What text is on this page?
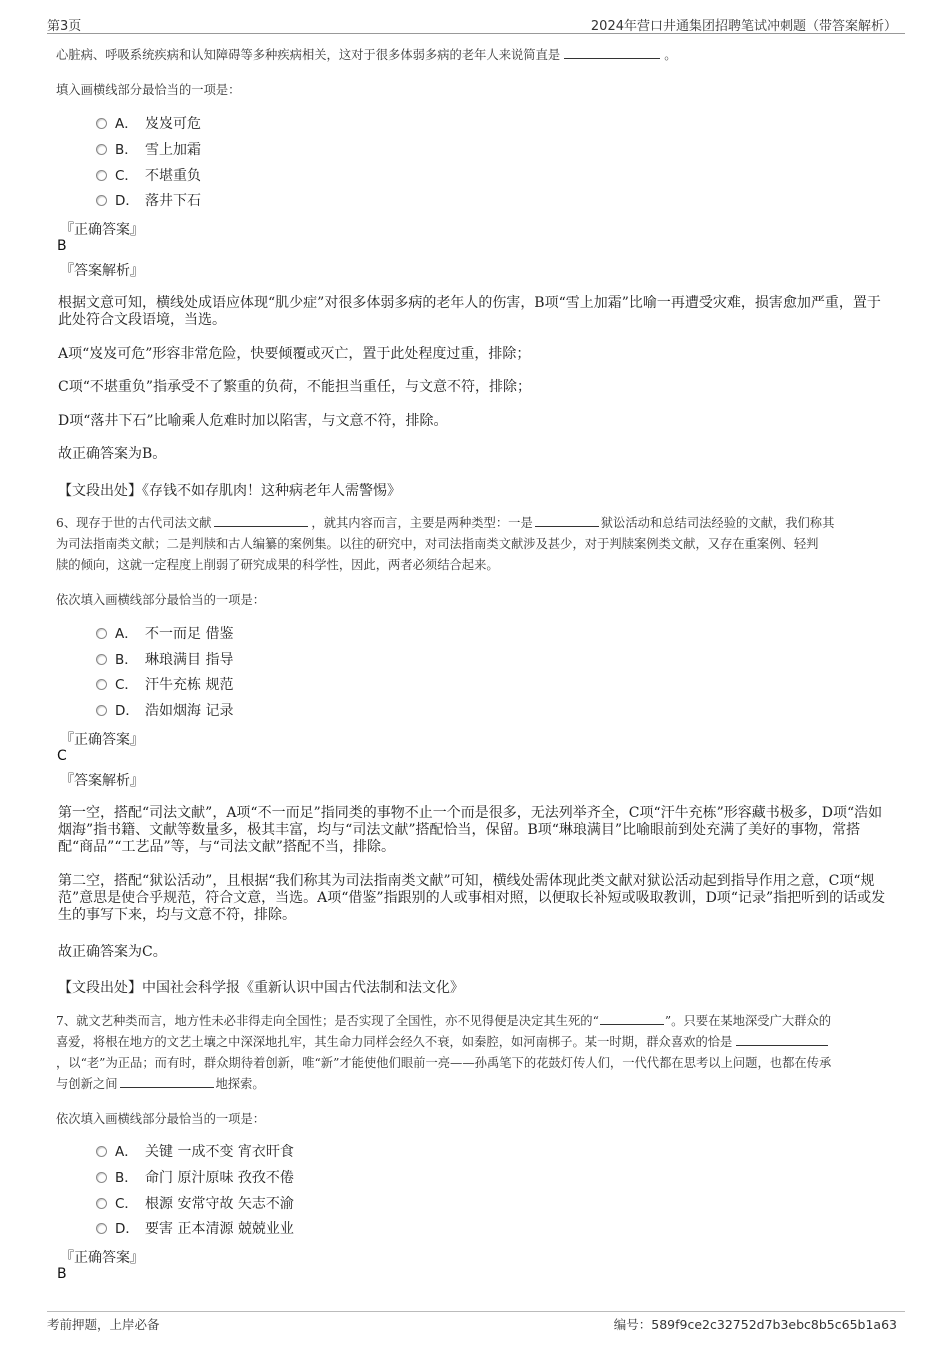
第3页	2024年营口井通集团招聘笔试冲刺题（带答案解析）

心脏病、呼吸系统疾病和认知障碍等多种疾病相关，这对于很多体弱多病的老年人来说简直是	。

填入画横线部分最恰当的一项是：
A． 岌岌可危
B． 雪上加霜
C． 不堪重负
D． 落井下石
『正确答案』
B
『答案解析』

根据文意可知，横线处成语应体现“肌少症”对很多体弱多病的老年人的伤害，B项“雪上加霜”比喻一再遭受灾难，损害愈加严重，置于此处符合文段语境，当选。

A项“岌岌可危”形容非常危险，快要倾覆或灭亡，置于此处程度过重，排除；

C项“不堪重负”指承受不了繁重的负荷，不能担当重任，与文意不符，排除；

D项“落井下石”比喻乘人危难时加以陷害，与文意不符，排除。

故正确答案为B。

【文段出处】《存钱不如存肌肉！这种病老年人需警惕》

6、现存于世的古代司法文献	，就其内容而言，主要是两种类型：一是	狱讼活动和总结司法经验的文献，我们称其

为司法指南类文献；二是判牍和古人编纂的案例集。以往的研究中，对司法指南类文献涉及甚少，对于判牍案例类文献，又存在重案例、轻判

牍的倾向，这就一定程度上削弱了研究成果的科学性，因此，两者必须结合起来。

依次填入画横线部分最恰当的一项是：
A． 不一而足 借鉴
B． 琳琅满目 指导
C． 汗牛充栋 规范
D． 浩如烟海 记录
『正确答案』
C
『答案解析』

第一空，搭配“司法文献”，A项“不一而足”指同类的事物不止一个而是很多，无法列举齐全，C项“汗牛充栋”形容藏书极多，D项“浩如烟海”指书籍、文献等数量多，极其丰富，均与“司法文献”搭配恰当，保留。B项“琳琅满目”比喻眼前到处充满了美好的事物，常搭配“商品”“工艺品”等，与“司法文献”搭配不当，排除。

第二空，搭配“狱讼活动”，且根据“我们称其为司法指南类文献”可知，横线处需体现此类文献对狱讼活动起到指导作用之意，C项“规范”意思是使合乎规范，符合文意，当选。A项“借鉴”指跟别的人或事相对照，以便取长补短或吸取教训，D项“记录”指把听到的话或发生的事写下来，均与文意不符，排除。

故正确答案为C。

【文段出处】中国社会科学报《重新认识中国古代法制和法文化》

7、就文艺种类而言，地方性未必非得走向全国性；是否实现了全国性，亦不见得便是决定其生死的“	”。只要在某地深受广大群众的

喜爱，将根在地方的文艺土壤之中深深地扎牢，其生命力同样会经久不衰，如秦腔，如河南梆子。某一时期，群众喜欢的恰是

，以“老”为正品；而有时，群众期待着创新，唯“新”才能使他们眼前一亮——孙禹笔下的花鼓灯传人们，一代代都在思考以上问题，也都在传承

与创新之间	地探索。

依次填入画横线部分最恰当的一项是：
A． 关键 一成不变 宵衣旰食
B． 命门 原汁原味 孜孜不倦
C． 根源 安常守故 矢志不渝
D． 要害 正本清源 兢兢业业
『正确答案』
B
考前押题，上岸必备	编号：589f9ce2c32752d7b3ebc8b5c65b1a63
